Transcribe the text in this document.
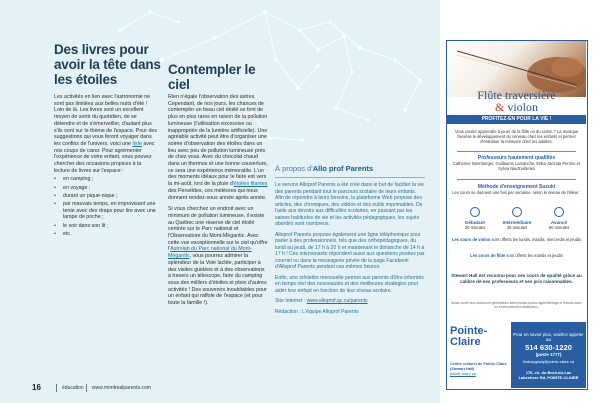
Des livres pour avoir la tête dans les étoiles
Contempler le ciel

Les activités en lien avec l'astronomie ne sont pas limitées aux belles nuits d'été ! Loin de là. Les livres sont un excellent moyen de sortir du quotidien, de se détendre et de s'émerveiller, d'autant plus s'ils sont sur le thème de l'espace. Pour des suggestions qui vous feront voyager dans les confins de l'univers, voici une liste avec nos coups de cœur. Pour agrémenter l'expérience de votre enfant, vous pouvez chercher des occasions propices à la lecture de livres sur l'espace :

• en camping ;
• en voyage ;
• durant un pique-nique ;
• par mauvais temps, en improvisant une tente avec des draps pour lire avec une lampe de poche ;
• le soir dans son lit ;
• etc.

Rien n'égale l'observation des astres. Cependant, de nos jours, les chances de contempler un beau ciel étoilé se font de plus en plus rares en raison de la pollution lumineuse (l'utilisation excessive ou inappropriée de la lumière artificielle). Une agréable activité peut être d'organiser une soirée d'observation des étoiles dans un lieu avec peu de pollution lumineuse près de chez vous. Avec du chocolat chaud dans un thermos et une bonne couverture, ce sera une expérience mémorable. L'un des moments idéaux pour le faire est vers la mi-août, lors de la pluie d'étoiles filantes des Perséides, ces météores qui nous donnent rendez-vous année après année.

Si vous cherchez un endroit avec un minimum de pollution lumineuse, il existe au Québec une réserve de ciel étoilé centrée sur le Parc national et l'Observatoire du Mont-Mégantic. Avec cette vue exceptionnelle sur le ciel qu'offre l'Astrolab du Parc national du Mont-Mégantic, vous pourrez admirer la splendeur de la Voie lactée, participer à des visites guidées et à des observations à travers un télescope, faire du camping sous des milliers d'étoiles et plein d'autres activités ! Des souvenirs inoubliables pour un enfant qui raffole de l'espace (et pour toute la famille !).

À propos d'Allo prof Parents

Le service Alloprof Parents a été créé dans le but de faciliter la vie des parents pendant tout le parcours scolaire de leurs enfants. Afin de répondre à leurs besoins, la plateforme Web propose des articles, des chroniques, des vidéos et des outils imprimables. De l'aide aux devoirs aux difficultés scolaires, en passant par les saines habitudes de vie et les activités pédagogiques, les sujets abordés sont nombreux.

Alloprof Parents propose également une ligne téléphonique pour parler à des professionnels, tels que des orthopédagogues, du lundi au jeudi, de 17 h à 20 h et maintenant le dimanche de 14 h à 17 h ! Ces intervenants répondent aussi aux questions posées par courriel ou dans la messagerie privée de la page Facebook d'Alloprof Parents pendant ces mêmes heures.

Enfin, une infolettre mensuelle permet aux parents d'être informés en temps réel des nouveautés et des meilleures stratégies pour aider leur enfant en fonction de leur niveau scolaire.

Site Internet : www.alloprof.qc.ca/parents

Rédaction : L'équipe Alloprof Parents

Flûte traversière
& violon
PROFITEZ-EN POUR LA VIE !
Vous voulez apprendre à jouer de la flûte ou du violon ? La musique favorise le développement du cerveau chez les enfants et permet d'entraîner la mémoire chez les adultes.
Professeurs hautement qualifiés
Catherine Sternberger, Guillaume Lamanche, Erika-Jacinda Perrine et Sylvia Niedzvidenka
Méthode d'enseignement Suzuki
Les cours se donnent une fois par semaine, selon le niveau de l'élève :
Débutant
30 minutes
Intermédiaire
45 minutes
Avancé
60 minutes
Les cours de violon sont offerts les lundis, mardis, mercredis et jeudis
Les cours de flûte sont offerts les mardis et jeudis
Stewart Hall est reconnu pour ses cours de qualité grâce au calibre de ses professeurs et ses prix raisonnables.
Aussi ouvert aux toutes les générations ainsi jeunes qu'aux âgés/héritage et d'école dans un environnement chaleureux.
Pointe-
Claire
Centre culturel de Pointe-Claire (Stewart Hall)
pointe-claire.ca
Pour en savoir plus, veuillez appeler au
514 630-1220
(poste 1777)
lindsaygrady@pointe-claire.ca
176, ch. du Bord-du-Lac
Lakeshore Rd, POINTE-CLAIRE
16	éducation www.montrealparents.com
